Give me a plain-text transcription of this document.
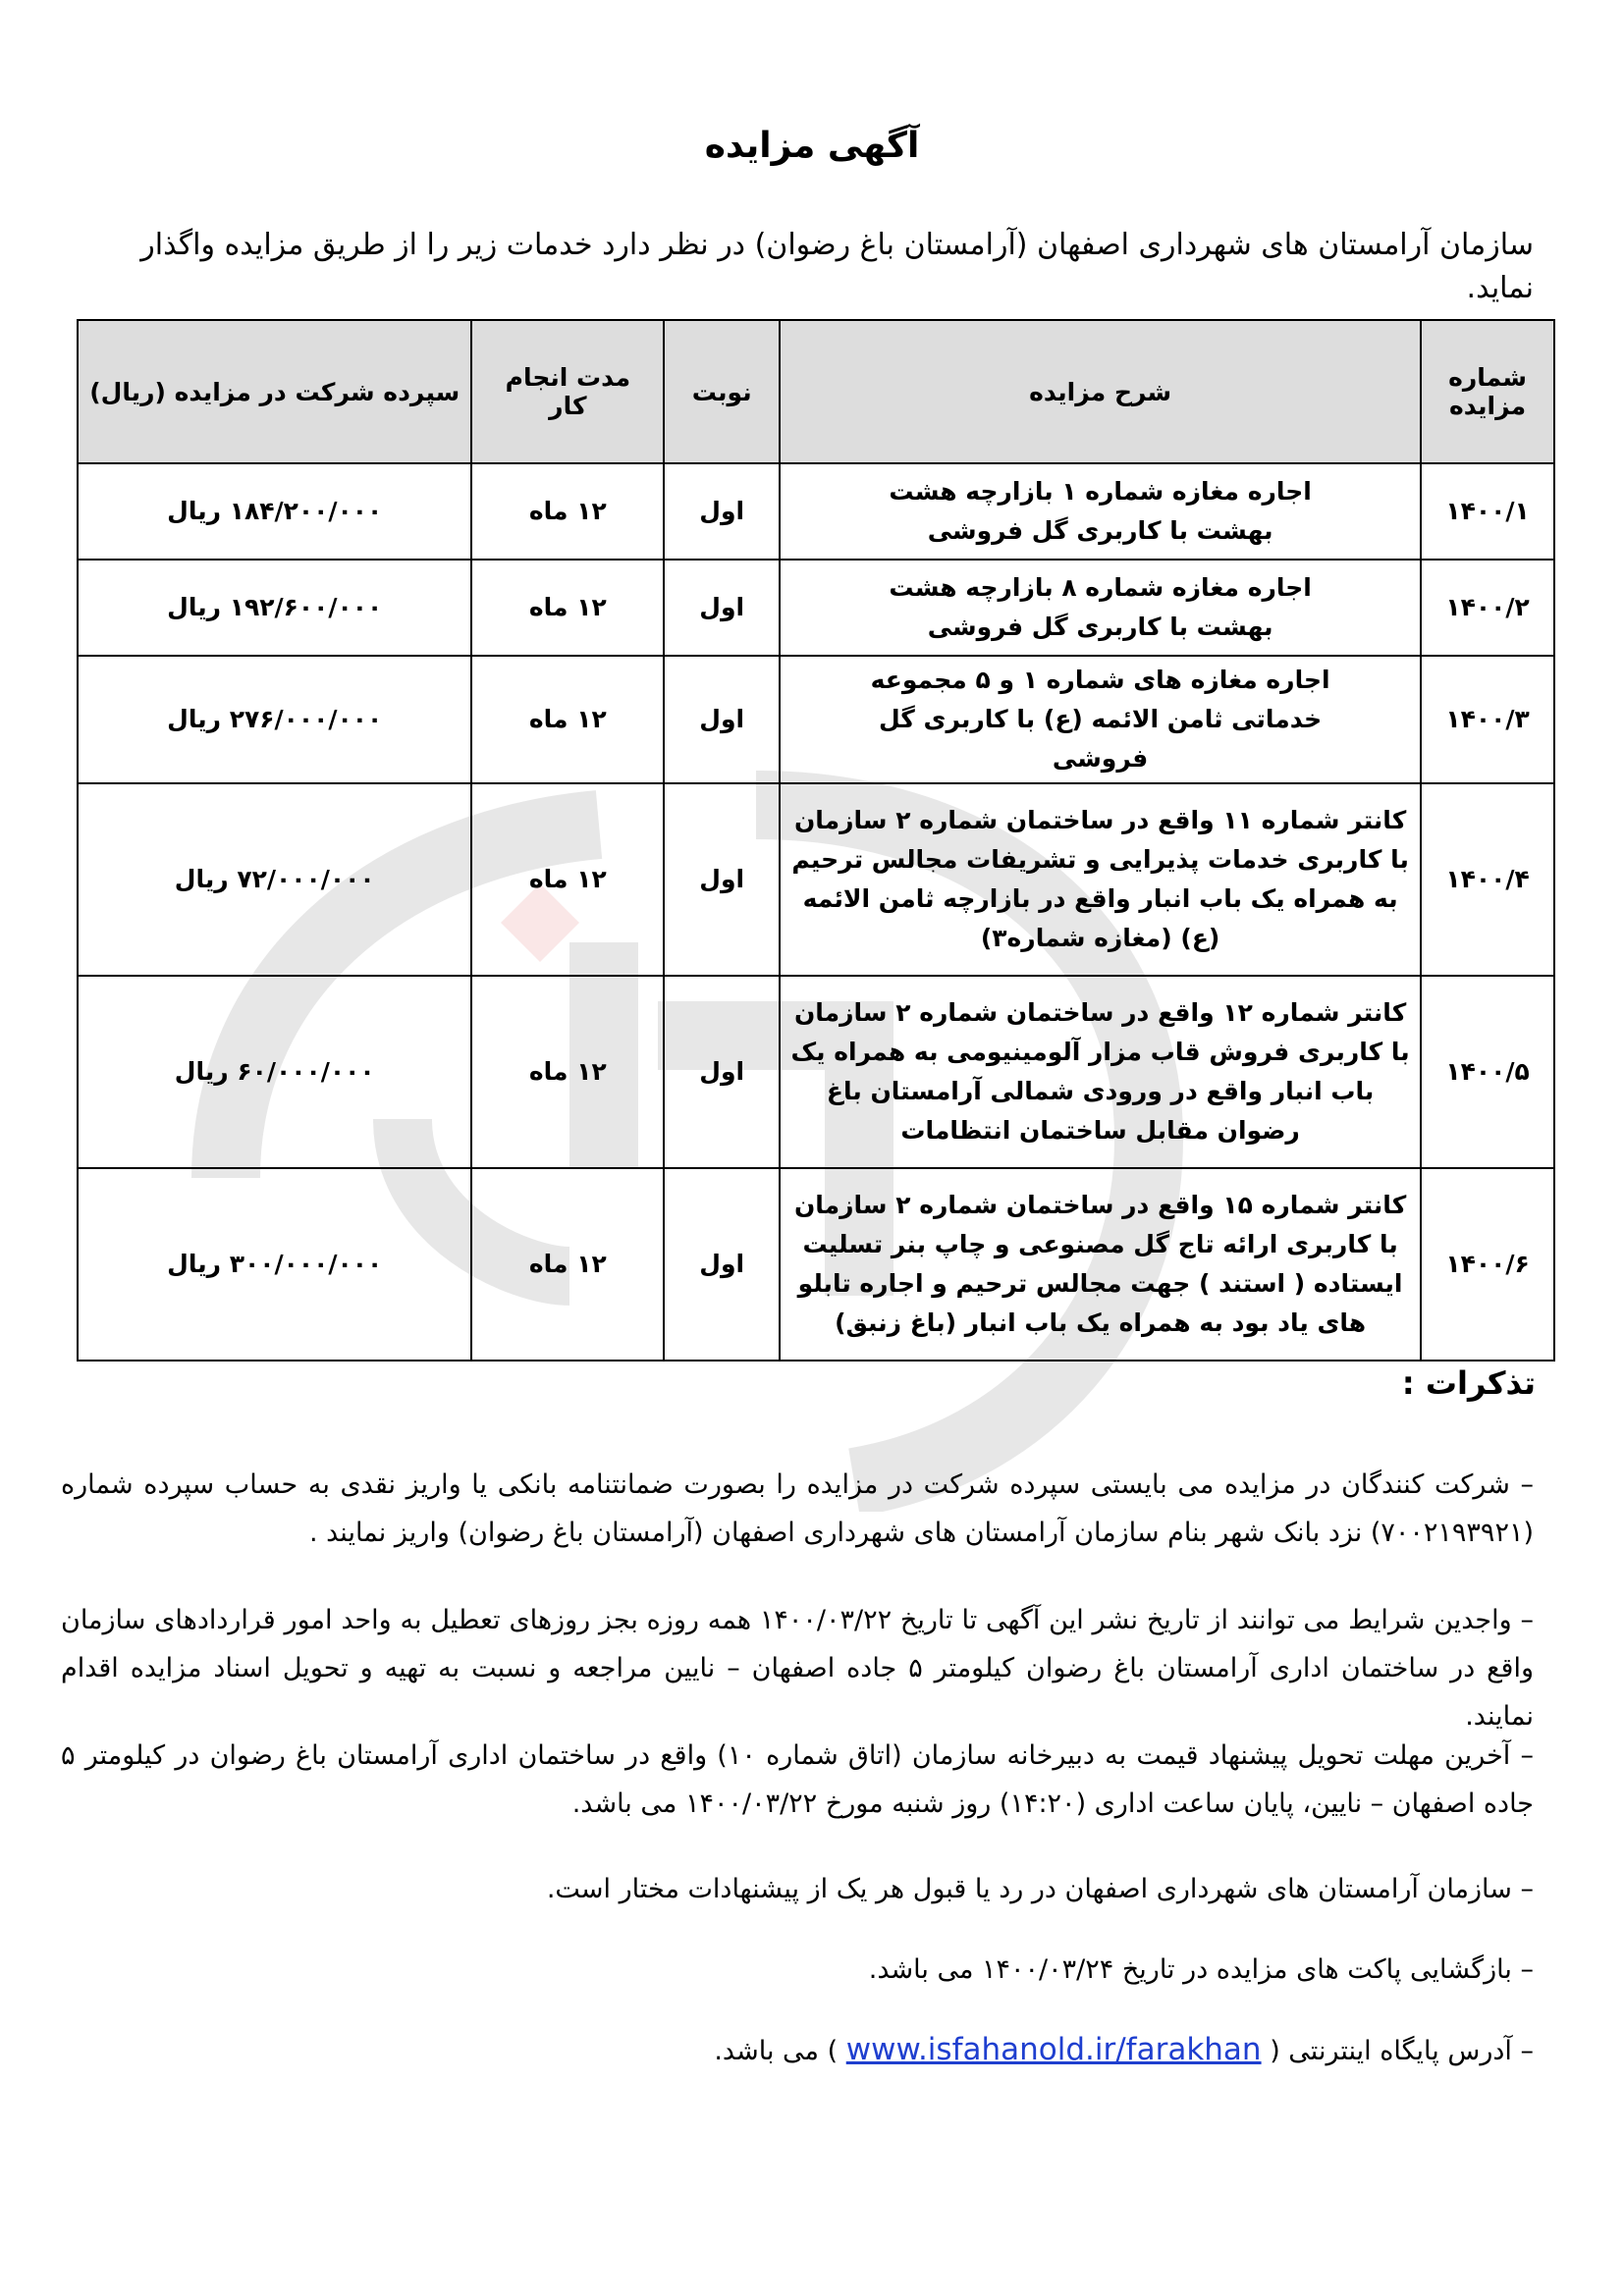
آگهی مزایده
سازمان آرامستان های شهرداری اصفهان (آرامستان باغ رضوان) در نظر دارد خدمات زیر را از طریق مزایده واگذار نماید.
شماره مزایده	شرح مزایده	نوبت	مدت انجام کار	سپرده شرکت در مزایده (ریال)
۱۴۰۰/۱	اجاره مغازه شماره ۱ بازارچه هشت بهشت با کاربری گل فروشی	اول	۱۲ ماه	۱۸۴/۲۰۰/۰۰۰ ریال
۱۴۰۰/۲	اجاره مغازه شماره ۸ بازارچه هشت بهشت با کاربری گل فروشی	اول	۱۲ ماه	۱۹۲/۶۰۰/۰۰۰ ریال
۱۴۰۰/۳	اجاره مغازه های شماره ۱ و ۵ مجموعه خدماتی ثامن الائمه (ع) با کاربری گل فروشی	اول	۱۲ ماه	۲۷۶/۰۰۰/۰۰۰ ریال
۱۴۰۰/۴	کانتر شماره ۱۱ واقع در ساختمان شماره ۲ سازمان با کاربری خدمات پذیرایی و تشریفات مجالس ترحیم به همراه یک باب انبار واقع در بازارچه ثامن الائمه (ع) (مغازه شماره۳)	اول	۱۲ ماه	۷۲/۰۰۰/۰۰۰ ریال
۱۴۰۰/۵	کانتر شماره ۱۲ واقع در ساختمان شماره ۲ سازمان با کاربری فروش قاب مزار آلومینیومی به همراه یک باب انبار واقع در ورودی شمالی آرامستان باغ رضوان مقابل ساختمان انتظامات	اول	۱۲ ماه	۶۰/۰۰۰/۰۰۰ ریال
۱۴۰۰/۶	کانتر شماره ۱۵ واقع در ساختمان شماره ۲ سازمان با کاربری ارائه تاج گل مصنوعی و چاپ بنر تسلیت ایستاده ( استند ) جهت مجالس ترحیم و اجاره تابلو های یاد بود به همراه یک باب انبار (باغ زنبق)	اول	۱۲ ماه	۳۰۰/۰۰۰/۰۰۰ ریال
تذکرات :
– شرکت کنندگان در مزایده می بایستی سپرده شرکت در مزایده را بصورت ضمانتنامه بانکی یا واریز نقدی به حساب سپرده شماره (۷۰۰۲۱۹۳۹۲۱) نزد بانک شهر بنام سازمان آرامستان های شهرداری اصفهان (آرامستان باغ رضوان) واریز نمایند .
– واجدین شرایط می توانند از تاریخ نشر این آگهی تا تاریخ ۱۴۰۰/۰۳/۲۲ همه روزه بجز روزهای تعطیل به واحد امور قراردادهای سازمان واقع در ساختمان اداری آرامستان باغ رضوان کیلومتر ۵ جاده اصفهان – نایین مراجعه و نسبت به تهیه و تحویل اسناد مزایده اقدام نمایند.
– آخرین مهلت تحویل پیشنهاد قیمت به دبیرخانه سازمان (اتاق شماره ۱۰) واقع در ساختمان اداری آرامستان باغ رضوان در کیلومتر ۵ جاده اصفهان – نایین، پایان ساعت اداری (۱۴:۲۰) روز شنبه مورخ ۱۴۰۰/۰۳/۲۲ می باشد.
– سازمان آرامستان های شهرداری اصفهان در رد یا قبول هر یک از پیشنهادات مختار است.
– بازگشایی پاکت های مزایده در تاریخ ۱۴۰۰/۰۳/۲۴ می باشد.
– آدرس پایگاه اینترنتی ( www.isfahanold.ir/farakhan ) می باشد.
